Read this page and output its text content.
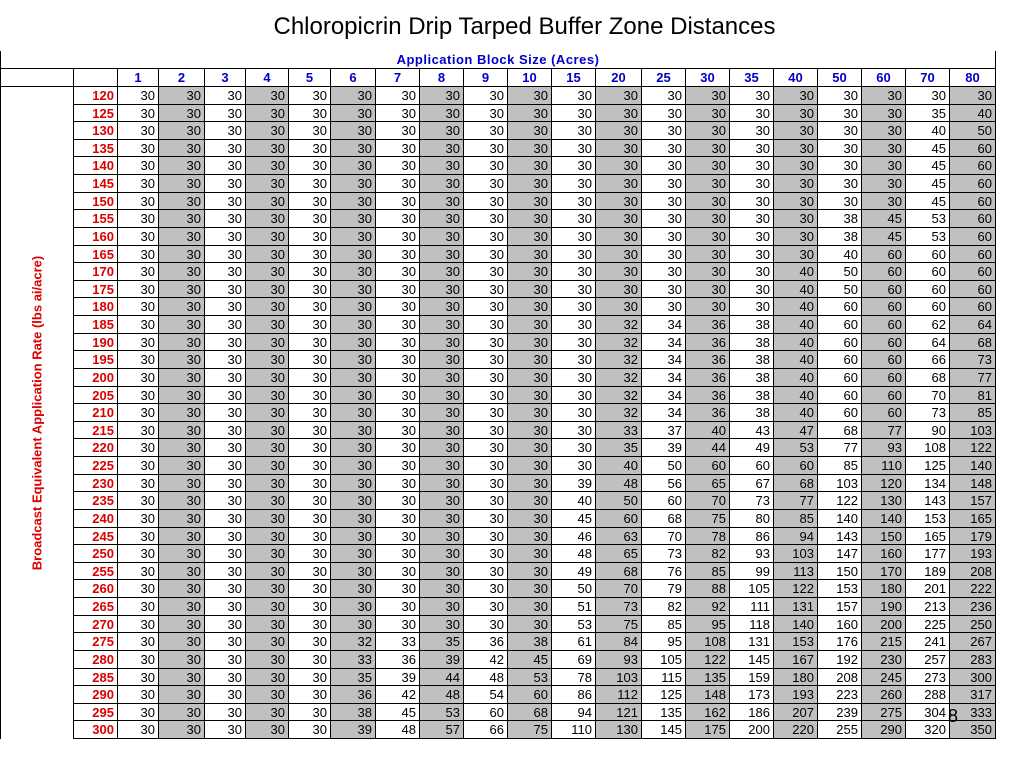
Chloropicrin Drip Tarped Buffer Zone Distances
Application Block Size (Acres)
1	2	3	4	5	6	7	8	9	10	15	20	25	30	35	40	50	60	70	80
120	30	30	30	30	30	30	30	30	30	30	30	30	30	30	30	30	30	30	30	30
125	30	30	30	30	30	30	30	30	30	30	30	30	30	30	30	30	30	30	35	40
130	30	30	30	30	30	30	30	30	30	30	30	30	30	30	30	30	30	30	40	50
135	30	30	30	30	30	30	30	30	30	30	30	30	30	30	30	30	30	30	45	60
140	30	30	30	30	30	30	30	30	30	30	30	30	30	30	30	30	30	30	45	60
145	30	30	30	30	30	30	30	30	30	30	30	30	30	30	30	30	30	30	45	60
150	30	30	30	30	30	30	30	30	30	30	30	30	30	30	30	30	30	30	45	60
155	30	30	30	30	30	30	30	30	30	30	30	30	30	30	30	30	38	45	53	60
160	30	30	30	30	30	30	30	30	30	30	30	30	30	30	30	30	38	45	53	60
165	30	30	30	30	30	30	30	30	30	30	30	30	30	30	30	30	40	60	60	60
170	30	30	30	30	30	30	30	30	30	30	30	30	30	30	30	40	50	60	60	60
175	30	30	30	30	30	30	30	30	30	30	30	30	30	30	30	40	50	60	60	60
180	30	30	30	30	30	30	30	30	30	30	30	30	30	30	30	40	60	60	60	60
185	30	30	30	30	30	30	30	30	30	30	30	32	34	36	38	40	60	60	62	64
190	30	30	30	30	30	30	30	30	30	30	30	32	34	36	38	40	60	60	64	68
195	30	30	30	30	30	30	30	30	30	30	30	32	34	36	38	40	60	60	66	73
200	30	30	30	30	30	30	30	30	30	30	30	32	34	36	38	40	60	60	68	77
205	30	30	30	30	30	30	30	30	30	30	30	32	34	36	38	40	60	60	70	81
210	30	30	30	30	30	30	30	30	30	30	30	32	34	36	38	40	60	60	73	85
215	30	30	30	30	30	30	30	30	30	30	30	33	37	40	43	47	68	77	90	103
220	30	30	30	30	30	30	30	30	30	30	30	35	39	44	49	53	77	93	108	122
225	30	30	30	30	30	30	30	30	30	30	30	40	50	60	60	60	85	110	125	140
230	30	30	30	30	30	30	30	30	30	30	39	48	56	65	67	68	103	120	134	148
235	30	30	30	30	30	30	30	30	30	30	40	50	60	70	73	77	122	130	143	157
240	30	30	30	30	30	30	30	30	30	30	45	60	68	75	80	85	140	140	153	165
245	30	30	30	30	30	30	30	30	30	30	46	63	70	78	86	94	143	150	165	179
250	30	30	30	30	30	30	30	30	30	30	48	65	73	82	93	103	147	160	177	193
255	30	30	30	30	30	30	30	30	30	30	49	68	76	85	99	113	150	170	189	208
260	30	30	30	30	30	30	30	30	30	30	50	70	79	88	105	122	153	180	201	222
265	30	30	30	30	30	30	30	30	30	30	51	73	82	92	111	131	157	190	213	236
270	30	30	30	30	30	30	30	30	30	30	53	75	85	95	118	140	160	200	225	250
275	30	30	30	30	30	32	33	35	36	38	61	84	95	108	131	153	176	215	241	267
280	30	30	30	30	30	33	36	39	42	45	69	93	105	122	145	167	192	230	257	283
285	30	30	30	30	30	35	39	44	48	53	78	103	115	135	159	180	208	245	273	300
290	30	30	30	30	30	36	42	48	54	60	86	112	125	148	173	193	223	260	288	317
295	30	30	30	30	30	38	45	53	60	68	94	121	135	162	186	207	239	275	304	333
300	30	30	30	30	30	39	48	57	66	75	110	130	145	175	200	220	255	290	320	350
Broadcast Equivalent Application Rate (lbs ai/acre)
8
